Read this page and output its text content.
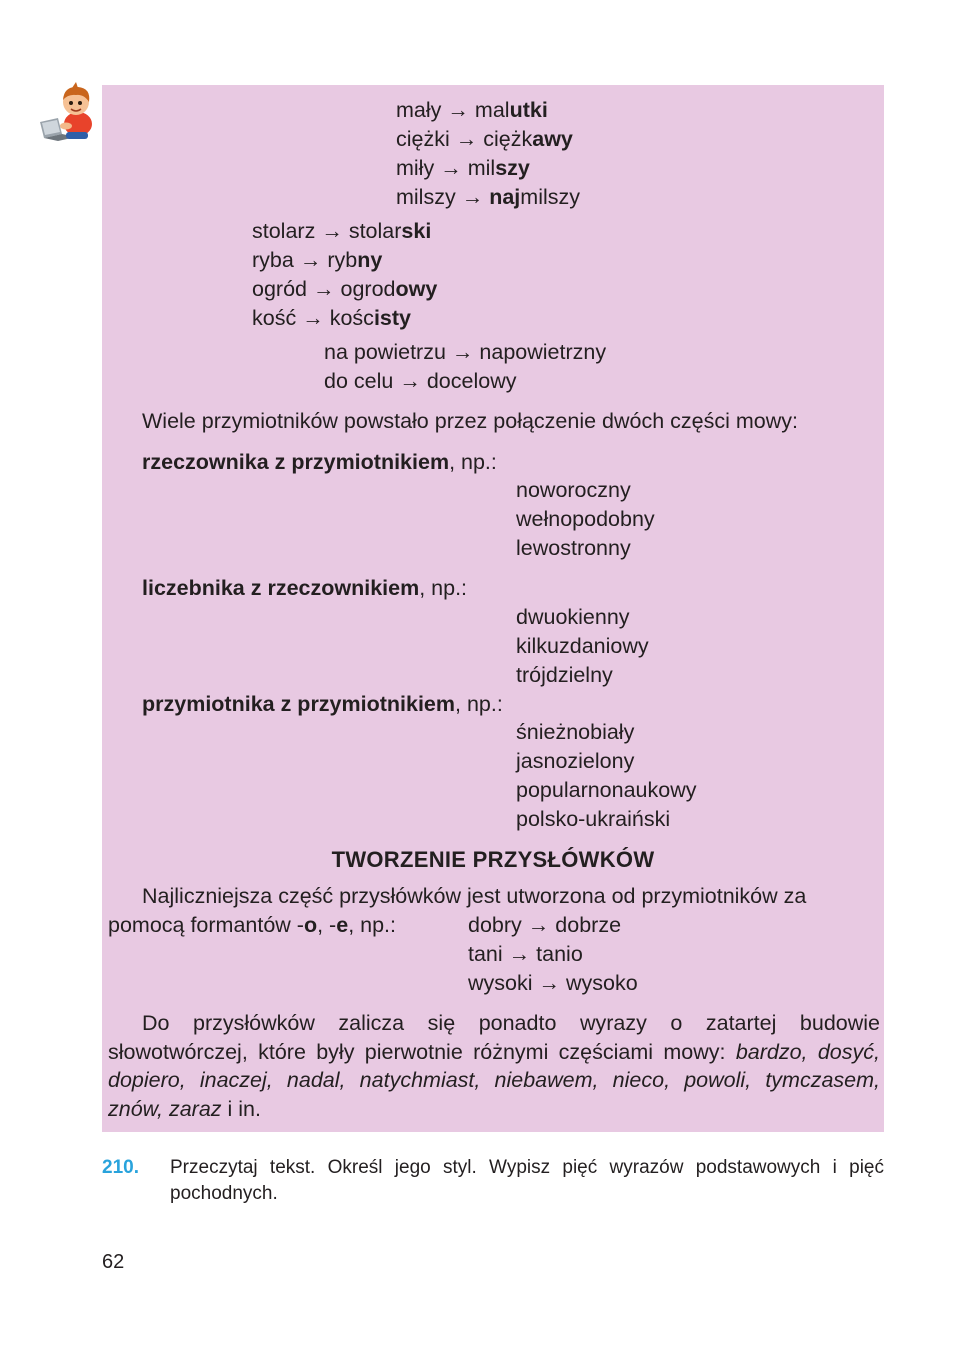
mały → malutki
ciężki → ciężkawy
miły → milszy
milszy → najmilszy
stolarz → stolarski
ryba → rybny
ogród → ogrodowy
kość → kościsty
na powietrzu → napowietrzny
do celu → docelowy
Wiele przymiotników powstało przez połączenie dwóch części mowy:
rzeczownika z przymiotnikiem, np.:
noworoczny
wełnopodobny
lewostronny
liczebnika z rzeczownikiem, np.:
dwuokienny
kilkuzdaniowy
trójdzielny
przymiotnika z przymiotnikiem, np.:
śnieżnobiały
jasnozielony
popularnonaukowy
polsko-ukraiński
TWORZENIE PRZYSŁÓWKÓW
Najliczniejsza część przysłówków jest utworzona od przymiotników za
pomocą formantów -o, -e, np.:	dobry → dobrze
tani → tanio
wysoki → wysoko
Do przysłówków zalicza się ponadto wyrazy o zatartej budowie słowotwórczej, które były pierwotnie różnymi częściami mowy: bardzo, dosyć, dopiero, inaczej, nadal, natychmiast, niebawem, nieco, powoli, tymczasem, znów, zaraz i in.
210. Przeczytaj tekst. Określ jego styl. Wypisz pięć wyrazów podstawowych i pięć pochodnych.
62
